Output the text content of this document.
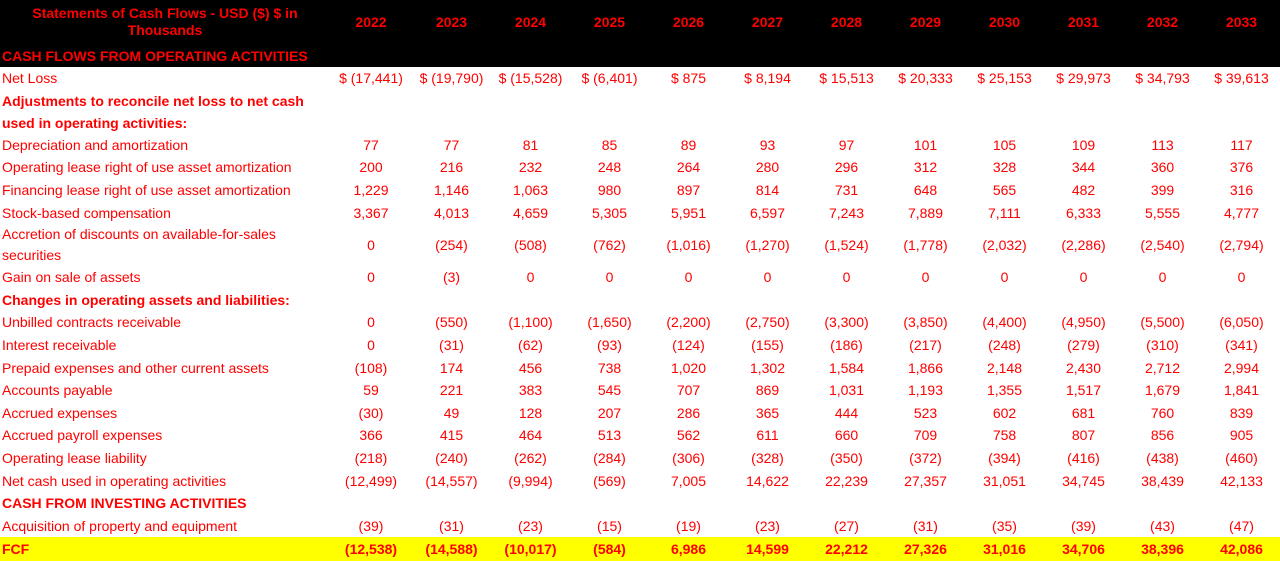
Statements of Cash Flows - USD ($) $ in Thousands	2022	2023	2024	2025	2026	2027	2028	2029	2030	2031	2032	2033
CASH FLOWS FROM OPERATING ACTIVITIES												
Net Loss	$ (17,441)	$ (19,790)	$ (15,528)	$ (6,401)	$ 875	$ 8,194	$ 15,513	$ 20,333	$ 25,153	$ 29,973	$ 34,793	$ 39,613
Adjustments to reconcile net loss to net cash used in operating activities:												
Depreciation and amortization	77	77	81	85	89	93	97	101	105	109	113	117
Operating lease right of use asset amortization	200	216	232	248	264	280	296	312	328	344	360	376
Financing lease right of use asset amortization	1,229	1,146	1,063	980	897	814	731	648	565	482	399	316
Stock-based compensation	3,367	4,013	4,659	5,305	5,951	6,597	7,243	7,889	7,111	6,333	5,555	4,777
Accretion of discounts on available-for-sales securities	0	(254)	(508)	(762)	(1,016)	(1,270)	(1,524)	(1,778)	(2,032)	(2,286)	(2,540)	(2,794)
Gain on sale of assets	0	(3)	0	0	0	0	0	0	0	0	0	0
Changes in operating assets and liabilities:												
Unbilled contracts receivable	0	(550)	(1,100)	(1,650)	(2,200)	(2,750)	(3,300)	(3,850)	(4,400)	(4,950)	(5,500)	(6,050)
Interest receivable	0	(31)	(62)	(93)	(124)	(155)	(186)	(217)	(248)	(279)	(310)	(341)
Prepaid expenses and other current assets	(108)	174	456	738	1,020	1,302	1,584	1,866	2,148	2,430	2,712	2,994
Accounts payable	59	221	383	545	707	869	1,031	1,193	1,355	1,517	1,679	1,841
Accrued expenses	(30)	49	128	207	286	365	444	523	602	681	760	839
Accrued payroll expenses	366	415	464	513	562	611	660	709	758	807	856	905
Operating lease liability	(218)	(240)	(262)	(284)	(306)	(328)	(350)	(372)	(394)	(416)	(438)	(460)
Net cash used in operating activities	(12,499)	(14,557)	(9,994)	(569)	7,005	14,622	22,239	27,357	31,051	34,745	38,439	42,133
CASH FROM INVESTING ACTIVITIES												
Acquisition of property and equipment	(39)	(31)	(23)	(15)	(19)	(23)	(27)	(31)	(35)	(39)	(43)	(47)
FCF	(12,538)	(14,588)	(10,017)	(584)	6,986	14,599	22,212	27,326	31,016	34,706	38,396	42,086
